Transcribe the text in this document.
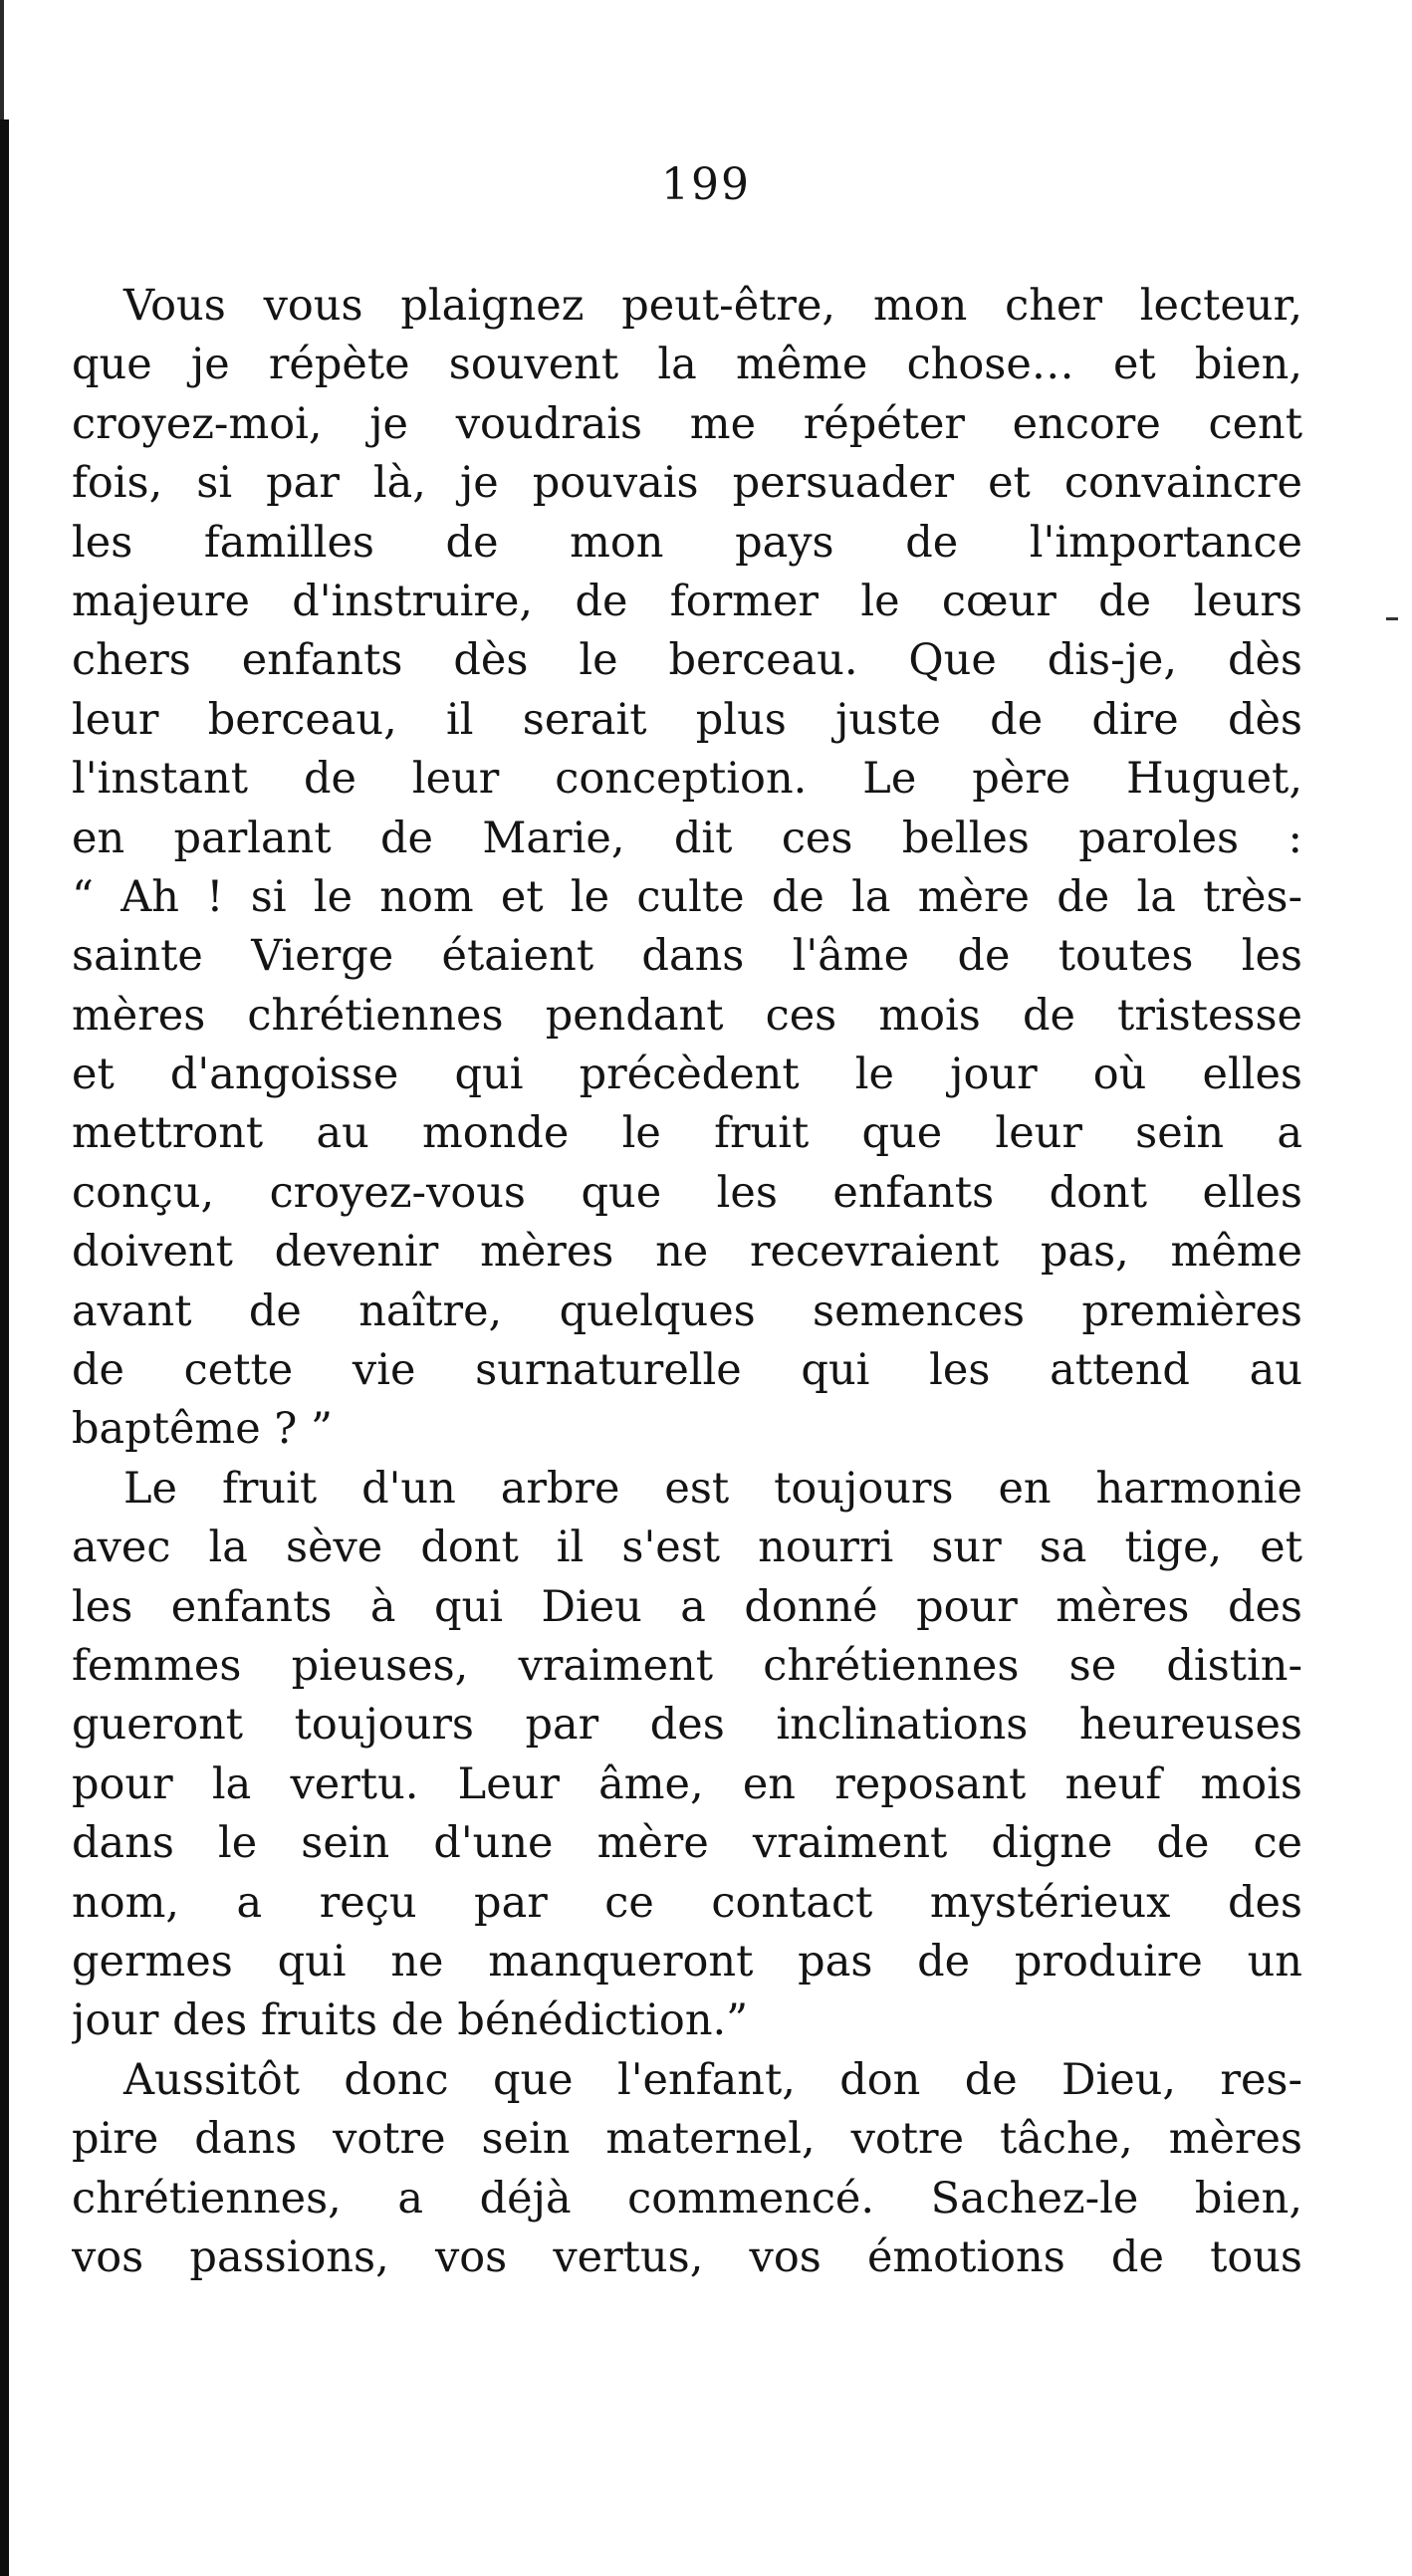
199
Vous vous plaignez peut-être, mon cher lecteur,
que je répète souvent la même chose… et bien,
croyez-moi, je voudrais me répéter encore cent
fois, si par là, je pouvais persuader et convaincre
les familles de mon pays de l'importance
majeure d'instruire, de former le cœur de leurs
chers enfants dès le berceau. Que dis-je, dès
leur berceau, il serait plus juste de dire dès
l'instant de leur conception. Le père Huguet,
en parlant de Marie, dit ces belles paroles :
“ Ah ! si le nom et le culte de la mère de la très-
sainte Vierge étaient dans l'âme de toutes les
mères chrétiennes pendant ces mois de tristesse
et d'angoisse qui précèdent le jour où elles
mettront au monde le fruit que leur sein a
conçu, croyez-vous que les enfants dont elles
doivent devenir mères ne recevraient pas, même
avant de naître, quelques semences premières
de cette vie surnaturelle qui les attend au
baptême ? ”
Le fruit d'un arbre est toujours en harmonie
avec la sève dont il s'est nourri sur sa tige, et
les enfants à qui Dieu a donné pour mères des
femmes pieuses, vraiment chrétiennes se distin-
gueront toujours par des inclinations heureuses
pour la vertu. Leur âme, en reposant neuf mois
dans le sein d'une mère vraiment digne de ce
nom, a reçu par ce contact mystérieux des
germes qui ne manqueront pas de produire un
jour des fruits de bénédiction.”
Aussitôt donc que l'enfant, don de Dieu, res-
pire dans votre sein maternel, votre tâche, mères
chrétiennes, a déjà commencé. Sachez-le bien,
vos passions, vos vertus, vos émotions de tous
